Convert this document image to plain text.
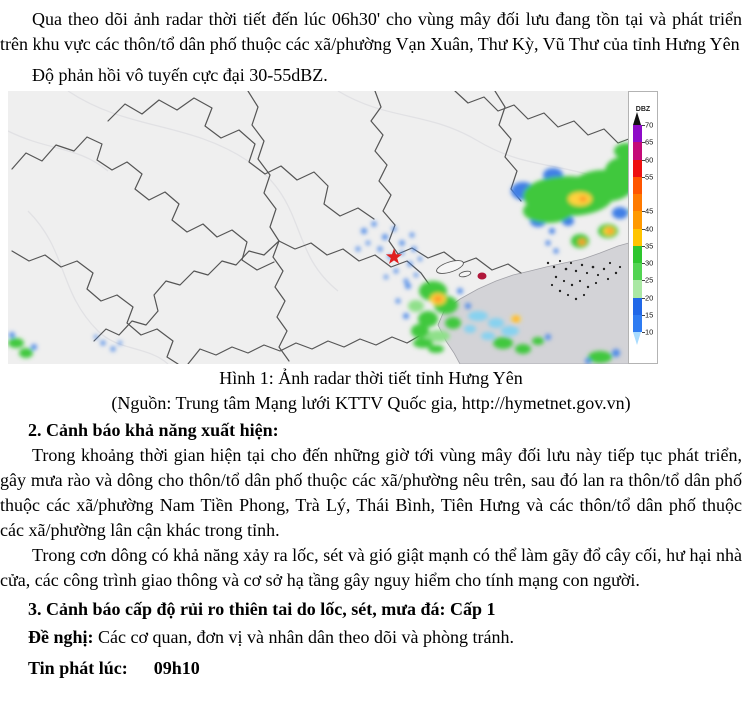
Qua theo dõi ảnh radar thời tiết đến lúc 06h30' cho vùng mây đối lưu đang tồn tại và phát triển trên khu vực các thôn/tổ dân phố thuộc các xã/phường Vạn Xuân, Thư Kỳ, Vũ Thư của tỉnh Hưng Yên

Độ phản hồi vô tuyến cực đại 30-55dBZ.

DBZ
70
65
60
55
45
40
35
30
25
20
15
10

Hình 1: Ảnh radar thời tiết tỉnh Hưng Yên

(Nguồn: Trung tâm Mạng lưới KTTV Quốc gia, http://hymetnet.gov.vn)

2. Cảnh báo khả năng xuất hiện:

Trong khoảng thời gian hiện tại cho đến những giờ tới vùng mây đối lưu này tiếp tục phát triển, gây mưa rào và dông cho thôn/tổ dân phố thuộc các xã/phường nêu trên, sau đó lan ra thôn/tổ dân phố thuộc các xã/phường Nam Tiền Phong, Trà Lý, Thái Bình, Tiên Hưng và các thôn/tổ dân phố thuộc các xã/phường lân cận khác trong tỉnh.

Trong cơn dông có khả năng xảy ra lốc, sét và gió giật mạnh có thể làm gãy đổ cây cối, hư hại nhà cửa, các công trình giao thông và cơ sở hạ tầng gây nguy hiểm cho tính mạng con người.

3. Cảnh báo cấp độ rủi ro thiên tai do lốc, sét, mưa đá: Cấp 1

Đề nghị: Các cơ quan, đơn vị và nhân dân theo dõi và phòng tránh.

Tin phát lúc: 09h10
